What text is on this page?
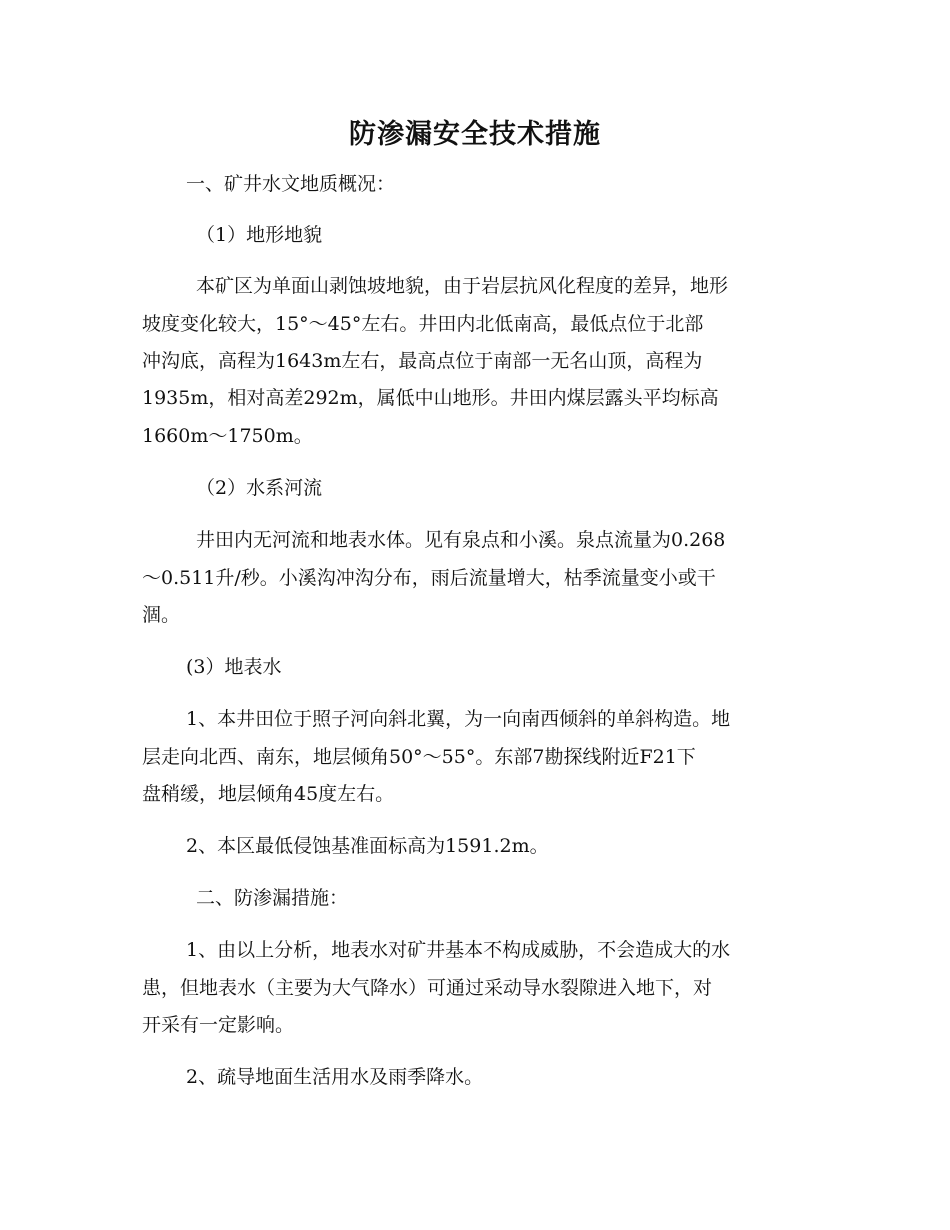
防渗漏安全技术措施

一、矿井水文地质概况：

（1）地形地貌

本矿区为单面山剥蚀坡地貌，由于岩层抗风化程度的差异，地形

坡度变化较大，15°～45°左右。井田内北低南高，最低点位于北部

冲沟底，高程为1643m左右，最高点位于南部一无名山顶，高程为

1935m，相对高差292m，属低中山地形。井田内煤层露头平均标高

1660m～1750m。

（2）水系河流

井田内无河流和地表水体。见有泉点和小溪。泉点流量为0.268

～0.511升/秒。小溪沟冲沟分布，雨后流量增大，枯季流量变小或干

涸。

(3）地表水

1、本井田位于照子河向斜北翼，为一向南西倾斜的单斜构造。地

层走向北西、南东，地层倾角50°～55°。东部7勘探线附近F21下

盘稍缓，地层倾角45度左右。

2、本区最低侵蚀基准面标高为1591.2m。

二、防渗漏措施：

1、由以上分析，地表水对矿井基本不构成威胁，不会造成大的水

患，但地表水（主要为大气降水）可通过采动导水裂隙进入地下，对

开采有一定影响。

2、疏导地面生活用水及雨季降水。
